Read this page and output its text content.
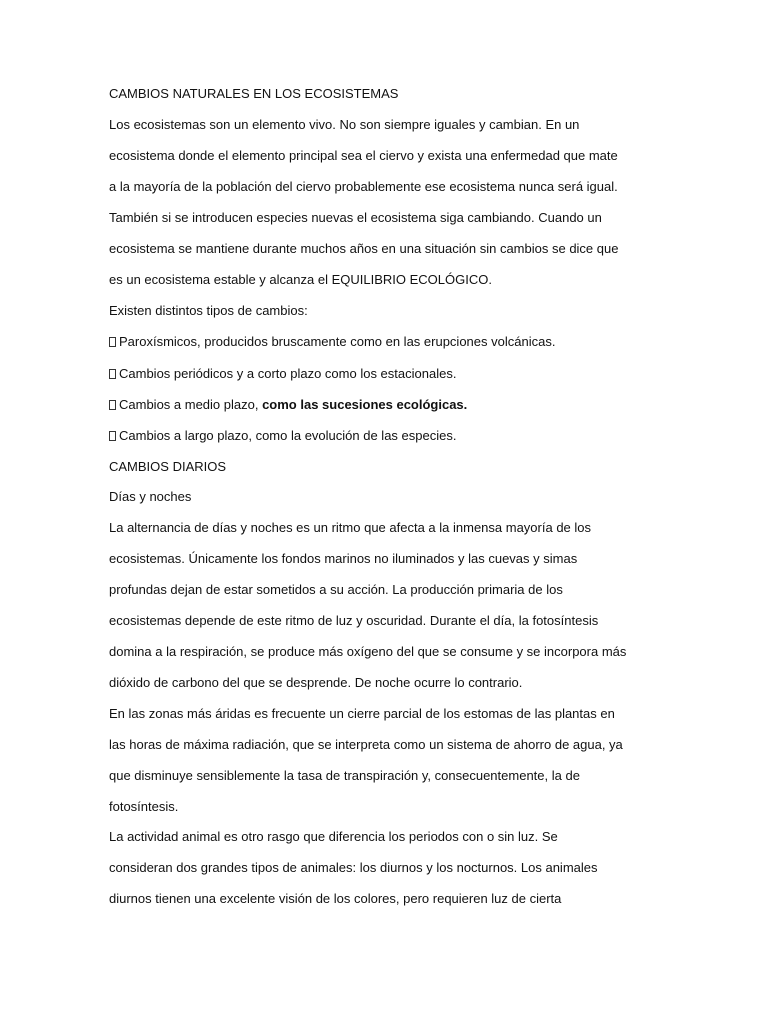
CAMBIOS NATURALES EN LOS ECOSISTEMAS
Los ecosistemas son un elemento vivo. No son siempre iguales y cambian. En un
ecosistema donde el elemento principal sea el ciervo y exista una enfermedad que mate
a la mayoría de la población del ciervo probablemente ese ecosistema nunca será igual.
También si se introducen especies nuevas el ecosistema siga cambiando. Cuando un
ecosistema se mantiene durante muchos años en una situación sin cambios se dice que
es un ecosistema estable y alcanza el EQUILIBRIO ECOLÓGICO.
Existen distintos tipos de cambios:
Paroxísmicos, producidos bruscamente como en las erupciones volcánicas.
Cambios periódicos y a corto plazo como los estacionales.
Cambios a medio plazo, como las sucesiones ecológicas.
Cambios a largo plazo, como la evolución de las especies.
CAMBIOS DIARIOS
Días y noches
La alternancia de días y noches es un ritmo que afecta a la inmensa mayoría de los
ecosistemas. Únicamente los fondos marinos no iluminados y las cuevas y simas
profundas dejan de estar sometidos a su acción. La producción primaria de los
ecosistemas depende de este ritmo de luz y oscuridad. Durante el día, la fotosíntesis
domina a la respiración, se produce más oxígeno del que se consume y se incorpora más
dióxido de carbono del que se desprende. De noche ocurre lo contrario.
En las zonas más áridas es frecuente un cierre parcial de los estomas de las plantas en
las horas de máxima radiación, que se interpreta como un sistema de ahorro de agua, ya
que disminuye sensiblemente la tasa de transpiración y, consecuentemente, la de
fotosíntesis.
La actividad animal es otro rasgo que diferencia los periodos con o sin luz. Se
consideran dos grandes tipos de animales: los diurnos y los nocturnos. Los animales
diurnos tienen una excelente visión de los colores, pero requieren luz de cierta
